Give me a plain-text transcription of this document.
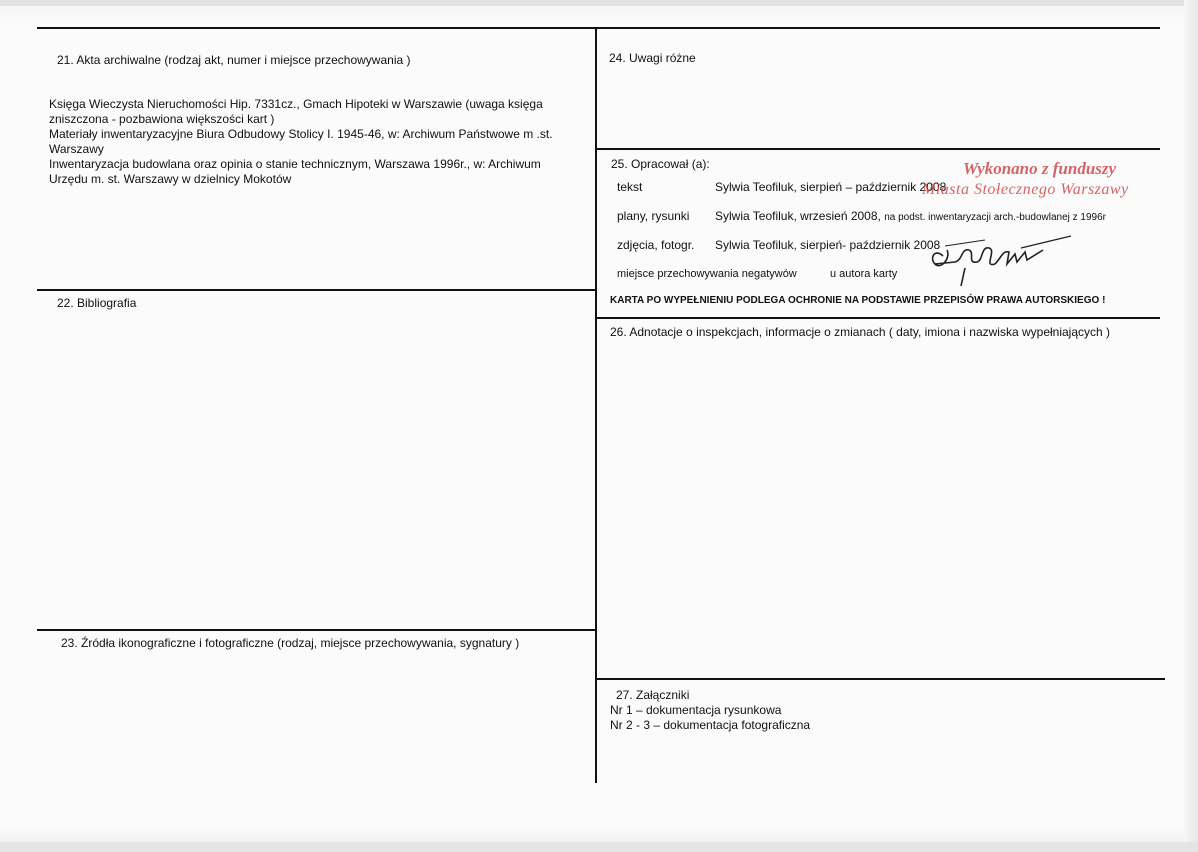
21. Akta archiwalne (rodzaj akt, numer i miejsce przechowywania )
Księga Wieczysta Nieruchomości Hip. 7331cz., Gmach Hipoteki w Warszawie (uwaga księga
zniszczona - pozbawiona większości kart )
Materiały inwentaryzacyjne Biura Odbudowy Stolicy I. 1945-46, w: Archiwum Państwowe m .st.
Warszawy
Inwentaryzacja budowlana oraz opinia o stanie technicznym, Warszawa 1996r., w: Archiwum
Urzędu m. st. Warszawy w dzielnicy Mokotów
22. Bibliografia
23. Źródła ikonograficzne i fotograficzne (rodzaj, miejsce przechowywania, sygnatury )
24. Uwagi różne
25. Opracował (a):
tekst	Sylwia Teofiluk, sierpień – październik 2008
plany, rysunki Sylwia Teofiluk, wrzesień 2008, na podst. inwentaryzacji arch.-budowlanej z 1996r
zdjęcia, fotogr. Sylwia Teofiluk, sierpień- październik 2008
miejsce przechowywania negatywów	u autora karty
KARTA PO WYPEŁNIENIU PODLEGA OCHRONIE NA PODSTAWIE PRZEPISÓW PRAWA AUTORSKIEGO !
Wykonano z funduszy
Miasta Stołecznego Warszawy
26. Adnotacje o inspekcjach, informacje o zmianach ( daty, imiona i nazwiska wypełniających )
27. Załączniki
Nr 1 – dokumentacja rysunkowa
Nr 2 - 3 – dokumentacja fotograficzna
